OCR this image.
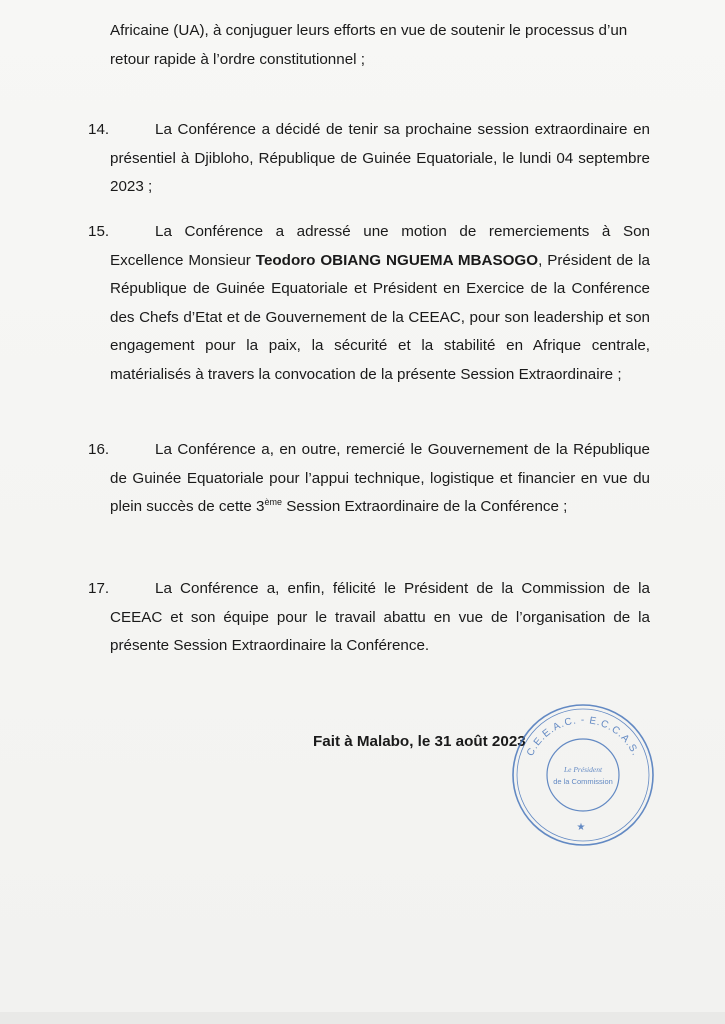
Africaine (UA), à conjuguer leurs efforts en vue de soutenir le processus d’un
retour rapide à l’ordre constitutionnel ;
14.	La Conférence a décidé de tenir sa prochaine session extraordinaire en présentiel à Djibloho, République de Guinée Equatoriale, le lundi 04 septembre 2023 ;
15.	La Conférence a adressé une motion de remerciements à Son Excellence Monsieur Teodoro OBIANG NGUEMA MBASOGO, Président de la République de Guinée Equatoriale et Président en Exercice de la Conférence des Chefs d’Etat et de Gouvernement de la CEEAC, pour son leadership et son engagement pour la paix, la sécurité et la stabilité en Afrique centrale, matérialisés à travers la convocation de la présente Session Extraordinaire ;
16.	La Conférence a, en outre, remercié le Gouvernement de la République de Guinée Equatoriale pour l’appui technique, logistique et financier en vue du plein succès de cette 3ème Session Extraordinaire de la Conférence ;
17.	La Conférence a, enfin, félicité le Président de la Commission de la CEEAC et son équipe pour le travail abattu en vue de l’organisation de la présente Session Extraordinaire la Conférence.
Fait à Malabo, le 31 août 2023
C.E.E.A.C. - E.C.C.A.S.
Le Président
de la Commission
★
